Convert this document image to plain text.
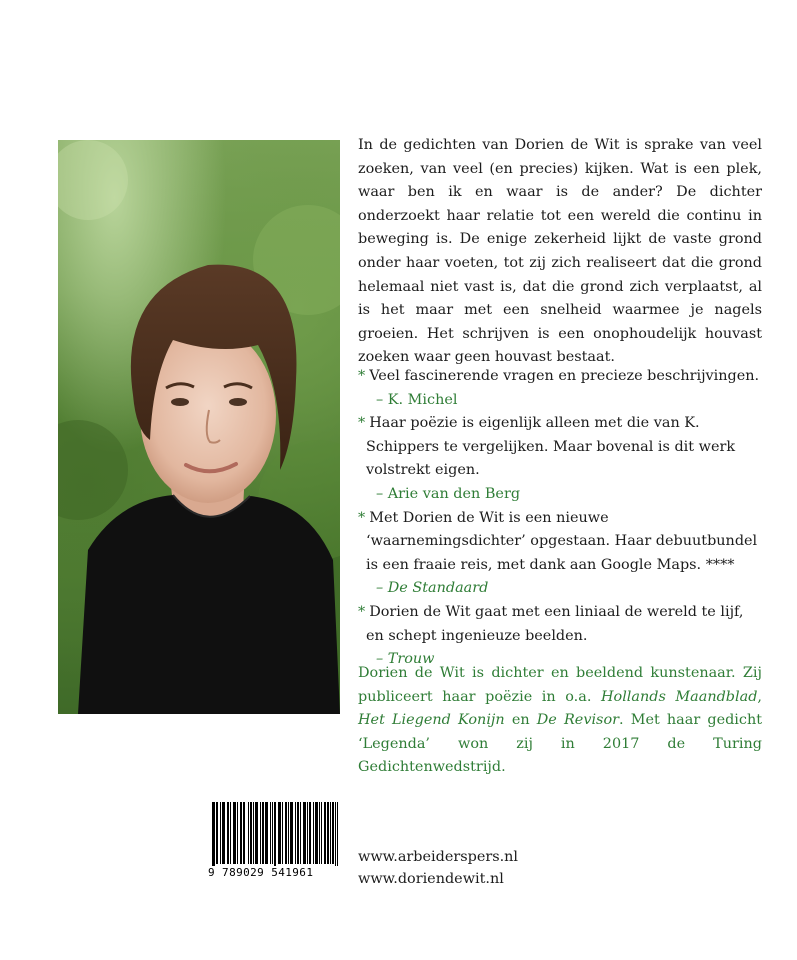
In de gedichten van Dorien de Wit is sprake van veel zoeken, van veel (en precies) kijken. Wat is een plek, waar ben ik en waar is de ander? De dichter onderzoekt haar relatie tot een wereld die continu in beweging is. De enige zekerheid lijkt de vaste grond onder haar voeten, tot zij zich realiseert dat die grond helemaal niet vast is, dat die grond zich verplaatst, al is het maar met een snelheid waarmee je nagels groeien. Het schrijven is een onophoudelijk houvast zoeken waar geen houvast bestaat.

* Veel fascinerende vragen en precieze beschrijvingen.
– K. Michel

* Haar poëzie is eigenlijk alleen met die van K. Schippers te vergelijken. Maar bovenal is dit werk volstrekt eigen.
– Arie van den Berg

* Met Dorien de Wit is een nieuwe ‘waarnemingsdichter’ opgestaan. Haar debuutbundel is een fraaie reis, met dank aan Google Maps. ****
– De Standaard

* Dorien de Wit gaat met een liniaal de wereld te lijf, en schept ingenieuze beelden.
– Trouw

Dorien de Wit is dichter en beeldend kunstenaar. Zij publiceert haar poëzie in o.a. Hollands Maandblad, Het Liegend Konijn en De Revisor. Met haar gedicht ‘Legenda’ won zij in 2017 de Turing Gedichtenwedstrijd.
9 789029 541961
www.arbeiderspers.nl
www.doriendewit.nl
